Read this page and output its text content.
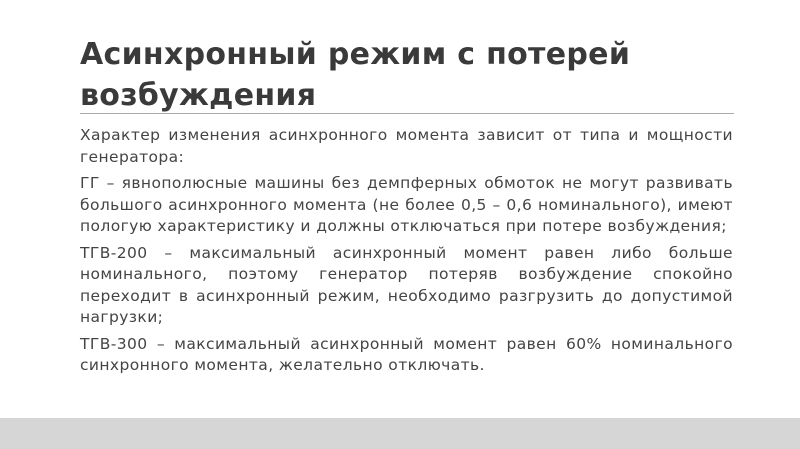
Асинхронный режим с потерей возбуждения

Характер изменения асинхронного момента зависит от типа и мощности генератора:

ГГ – явнополюсные машины без демпферных обмоток не могут развивать большого асинхронного момента (не более 0,5 – 0,6 номинального), имеют пологую характеристику и должны отключаться при потере возбуждения;

ТГВ-200 – максимальный асинхронный момент равен либо больше номинального, поэтому генератор потеряв возбуждение спокойно переходит в асинхронный режим, необходимо разгрузить до допустимой нагрузки;

ТГВ-300 – максимальный асинхронный момент равен 60% номинального синхронного момента, желательно отключать.
